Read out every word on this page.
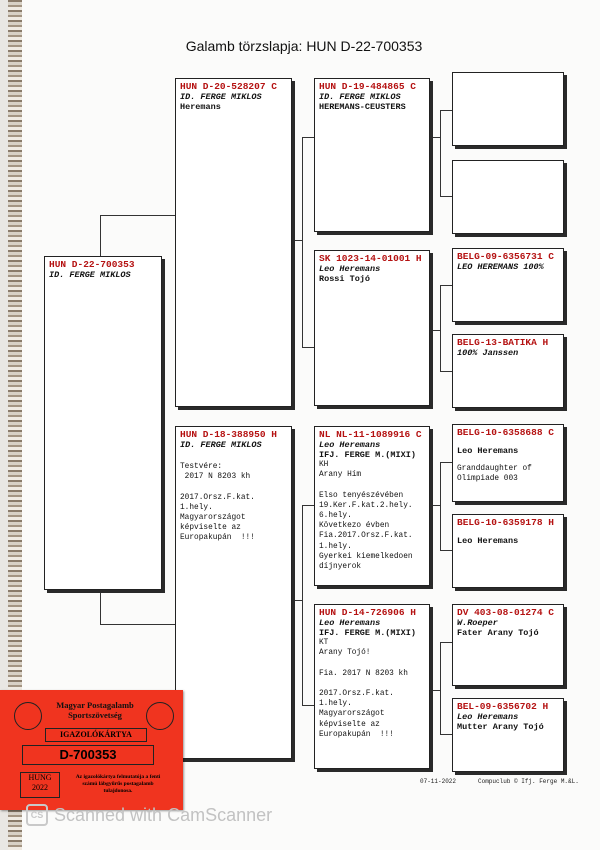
Galamb törzslapja: HUN D-22-700353
HUN D-22-700353
ID. FERGE MIKLOS
HUN D-20-528207 C
ID. FERGE MIKLOS
Heremans
HUN D-18-388950 H
ID. FERGE MIKLOS
Testvére:
2017 N 8203 kh

2017.Orsz.F.kat.
1.hely.
Magyarországot
képviselte az
Europakupán  !!!
HUN D-19-484865 C
ID. FERGE MIKLOS
HEREMANS-CEUSTERS
SK 1023-14-01001 H
Leo Heremans
Rossi Tojó
NL NL-11-1089916 C
Leo Heremans
IFJ. FERGE M.(MIXI)
KH
Arany Hím

Elso tenyészévében
19.Ker.F.kat.2.hely.
6.hely.
Következo évben
Fia.2017.Orsz.F.kat.
1.hely.
Gyerkei kiemelkedoen
díjnyerok
HUN D-14-726906 H
Leo Heremans
IFJ. FERGE M.(MIXI)
KT
Arany Tojó!

Fia. 2017 N 8203 kh

2017.Orsz.F.kat.
1.hely.
Magyarországot
képviselte az
Europakupán  !!!
BELG-09-6356731 C
LEO HEREMANS 100%
BELG-13-BATIKA H
100% Janssen
BELG-10-6358688 C
Leo Heremans
Granddaughter of
Olimpiade 003
BELG-10-6359178 H
Leo Heremans
DV 403-08-01274 C
W.Roeper
Fater Arany Tojó
BEL-09-6356702 H
Leo Heremans
Mutter Arany Tojó
07-11-2022	Compuclub © Ifj. Ferge M.&L.
Magyar Postagalamb
Sportszövetség
IGAZOLÓKÁRTYA
D-700353
HUNG
2022
Az igazolókártya felmutatója a fenti számú lábgyűrűs postagalamb tulajdonosa.
CS Scanned with CamScanner
